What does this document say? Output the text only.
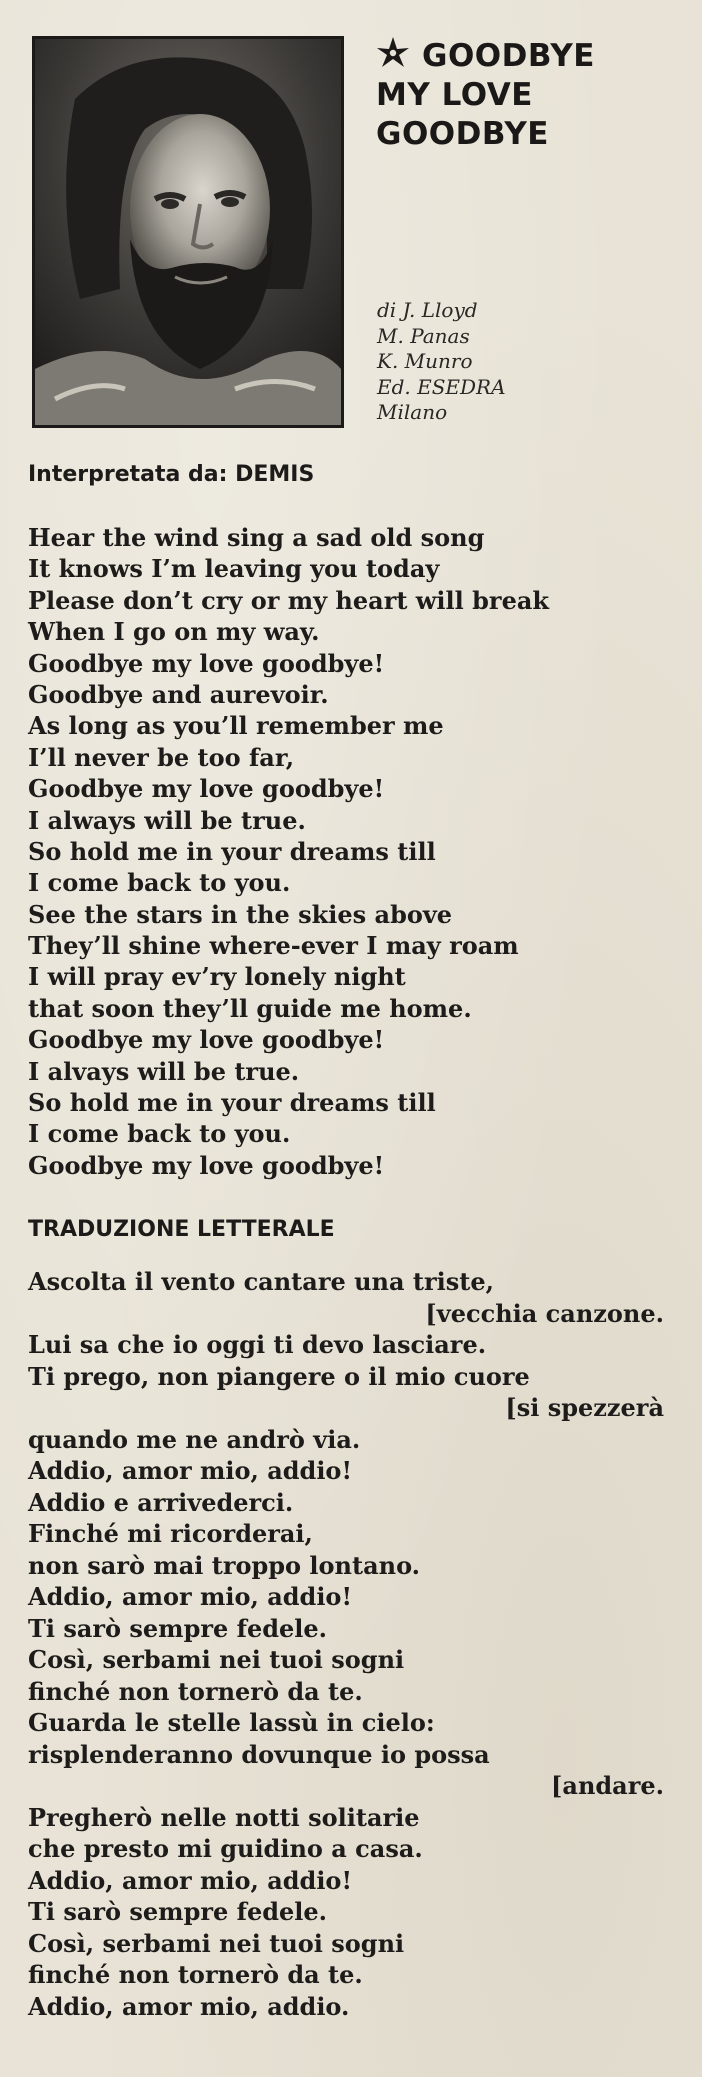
GOODBYE
MY LOVE
GOODBYE
di J. Lloyd
M. Panas
K. Munro
Ed. ESEDRA
Milano
Interpretata da: DEMIS
Hear the wind sing a sad old song
It knows I’m leaving you today
Please don’t cry or my heart will break
When I go on my way.
Goodbye my love goodbye!
Goodbye and aurevoir.
As long as you’ll remember me
I’ll never be too far,
Goodbye my love goodbye!
I always will be true.
So hold me in your dreams till
I come back to you.
See the stars in the skies above
They’ll shine where-ever I may roam
I will pray ev’ry lonely night
that soon they’ll guide me home.
Goodbye my love goodbye!
I alvays will be true.
So hold me in your dreams till
I come back to you.
Goodbye my love goodbye!
TRADUZIONE LETTERALE
Ascolta il vento cantare una triste,
[vecchia canzone.
Lui sa che io oggi ti devo lasciare.
Ti prego, non piangere o il mio cuore
[si spezzerà
quando me ne andrò via.
Addio, amor mio, addio!
Addio e arrivederci.
Finché mi ricorderai,
non sarò mai troppo lontano.
Addio, amor mio, addio!
Ti sarò sempre fedele.
Così, serbami nei tuoi sogni
finché non tornerò da te.
Guarda le stelle lassù in cielo:
risplenderanno dovunque io possa
[andare.
Pregherò nelle notti solitarie
che presto mi guidino a casa.
Addio, amor mio, addio!
Ti sarò sempre fedele.
Così, serbami nei tuoi sogni
finché non tornerò da te.
Addio, amor mio, addio.
